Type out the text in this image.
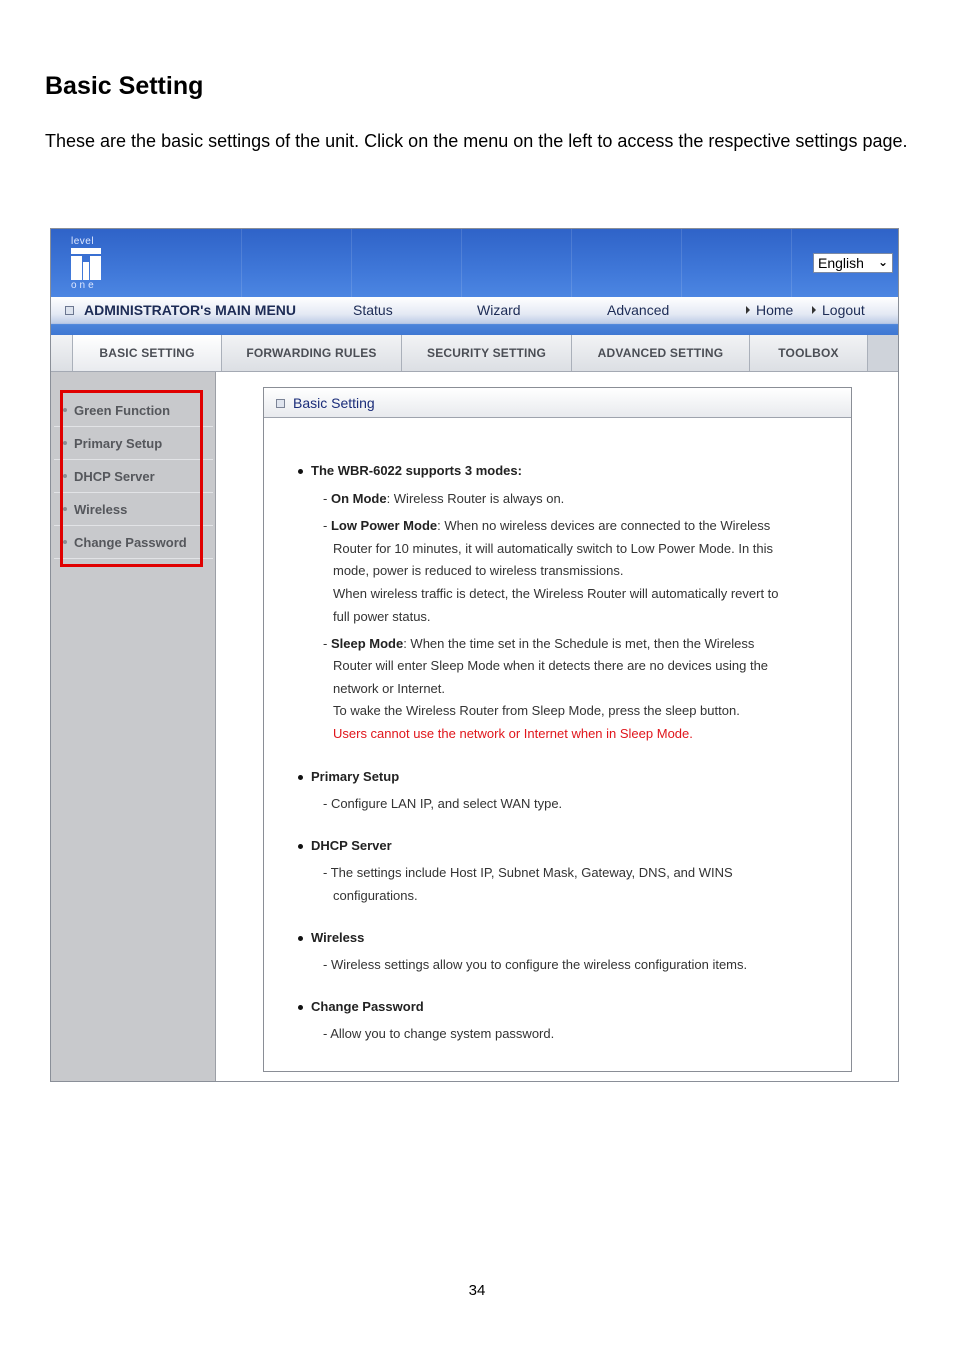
Basic Setting
These are the basic settings of the unit. Click on the menu on the left to access the respective settings page.
level
one
English ⌄
ADMINISTRATOR's MAIN MENU	Status	Wizard	Advanced	Home	Logout
BASIC SETTING	FORWARDING RULES	SECURITY SETTING	ADVANCED SETTING	TOOLBOX
Green Function
Primary Setup
DHCP Server
Wireless
Change Password
Basic Setting
The WBR-6022 supports 3 modes:
- On Mode: Wireless Router is always on.
- Low Power Mode: When no wireless devices are connected to the Wireless
Router for 10 minutes, it will automatically switch to Low Power Mode. In this
mode, power is reduced to wireless transmissions.
When wireless traffic is detect, the Wireless Router will automatically revert to
full power status.
- Sleep Mode: When the time set in the Schedule is met, then the Wireless
Router will enter Sleep Mode when it detects there are no devices using the
network or Internet.
To wake the Wireless Router from Sleep Mode, press the sleep button.
Users cannot use the network or Internet when in Sleep Mode.
Primary Setup
- Configure LAN IP, and select WAN type.
DHCP Server
- The settings include Host IP, Subnet Mask, Gateway, DNS, and WINS
configurations.
Wireless
- Wireless settings allow you to configure the wireless configuration items.
Change Password
- Allow you to change system password.
34
